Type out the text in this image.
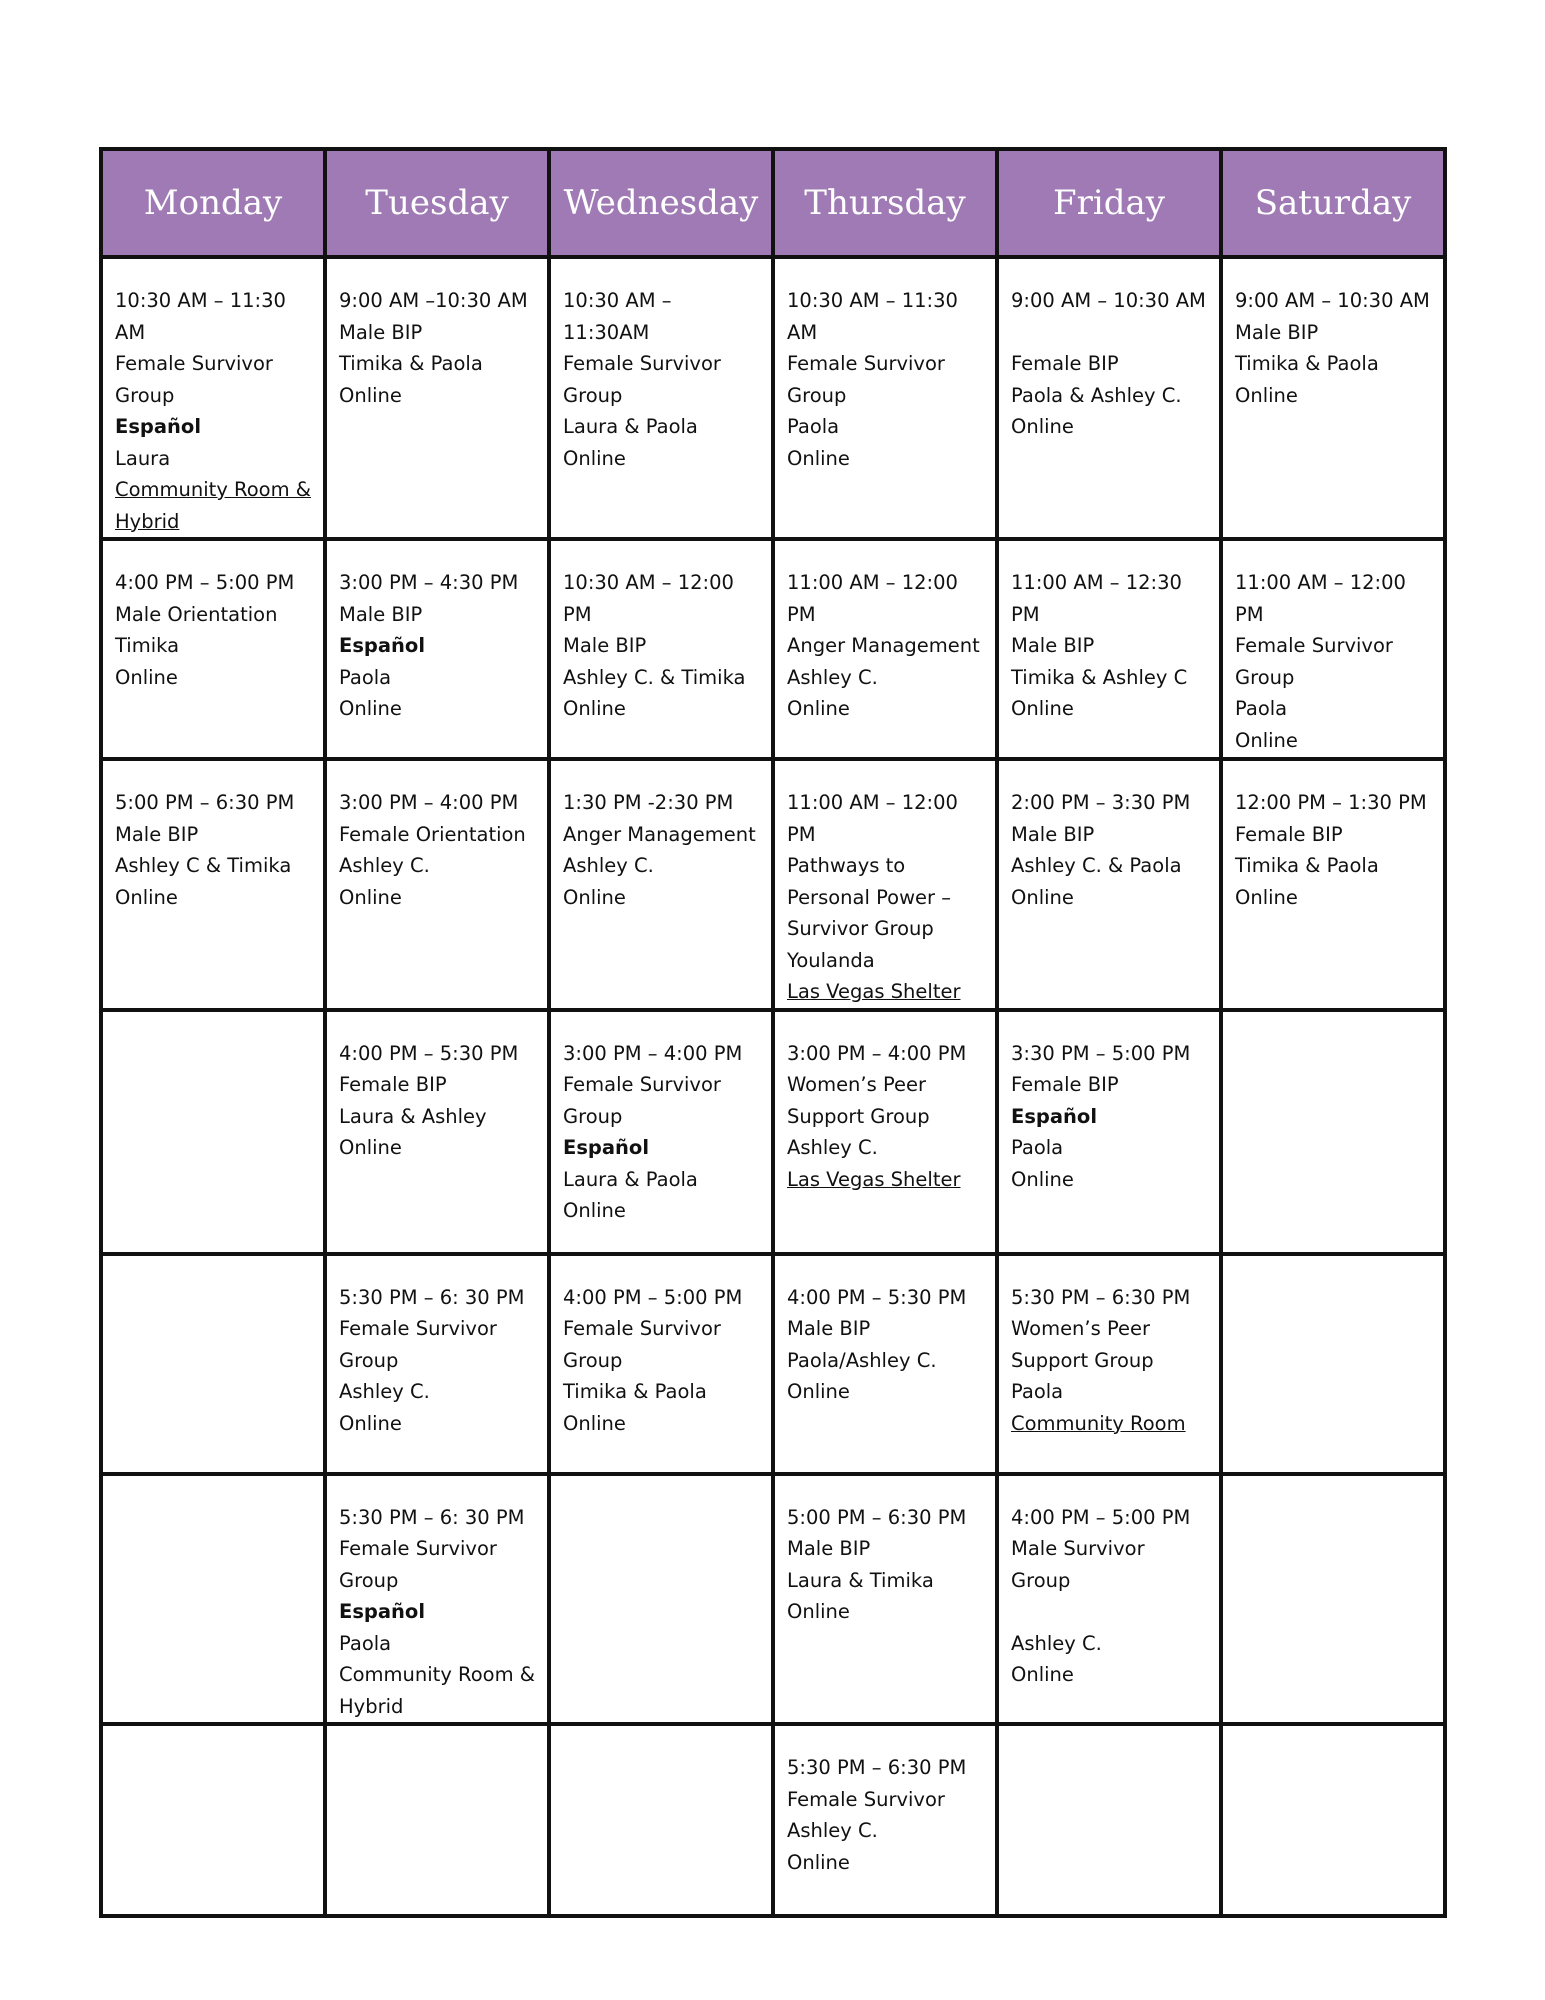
Monday	Tuesday	Wednesday	Thursday	Friday	Saturday

10:30 AM – 11:30 AM
Female Survivor Group
Español
Laura
Community Room & Hybrid	9:00 AM –10:30 AM
Male BIP
Timika & Paola
Online	10:30 AM – 11:30AM
Female Survivor Group
Laura & Paola
Online	10:30 AM – 11:30 AM
Female Survivor Group
Paola
Online	9:00 AM – 10:30 AM
Female BIP
Paola & Ashley C.
Online	9:00 AM – 10:30 AM
Male BIP
Timika & Paola
Online

4:00 PM – 5:00 PM
Male Orientation
Timika
Online	3:00 PM – 4:30 PM
Male BIP
Español
Paola
Online	10:30 AM – 12:00 PM
Male BIP
Ashley C. & Timika
Online	11:00 AM – 12:00 PM
Anger Management
Ashley C.
Online	11:00 AM – 12:30 PM
Male BIP
Timika & Ashley C
Online	11:00 AM – 12:00 PM
Female Survivor Group
Paola
Online

5:00 PM – 6:30 PM
Male BIP
Ashley C & Timika
Online	3:00 PM – 4:00 PM
Female Orientation
Ashley C.
Online	1:30 PM -2:30 PM
Anger Management
Ashley C.
Online	11:00 AM – 12:00 PM
Pathways to Personal Power – Survivor Group
Youlanda
Las Vegas Shelter	2:00 PM – 3:30 PM
Male BIP
Ashley C. & Paola
Online	12:00 PM – 1:30 PM
Female BIP
Timika & Paola
Online

	4:00 PM – 5:30 PM
Female BIP
Laura & Ashley
Online	3:00 PM – 4:00 PM
Female Survivor Group
Español
Laura & Paola
Online	3:00 PM – 4:00 PM
Women’s Peer Support Group
Ashley C.
Las Vegas Shelter	3:30 PM – 5:00 PM
Female BIP
Español
Paola
Online	

	5:30 PM – 6: 30 PM
Female Survivor Group
Ashley C.
Online	4:00 PM – 5:00 PM
Female Survivor Group
Timika & Paola
Online	4:00 PM – 5:30 PM
Male BIP
Paola/Ashley C.
Online	5:30 PM – 6:30 PM
Women’s Peer Support Group
Paola
Community Room	

	5:30 PM – 6: 30 PM
Female Survivor Group
Español
Paola
Community Room & Hybrid		5:00 PM – 6:30 PM
Male BIP
Laura & Timika
Online	4:00 PM – 5:00 PM
Male Survivor Group
Ashley C.
Online	

			5:30 PM – 6:30 PM
Female Survivor
Ashley C.
Online		
